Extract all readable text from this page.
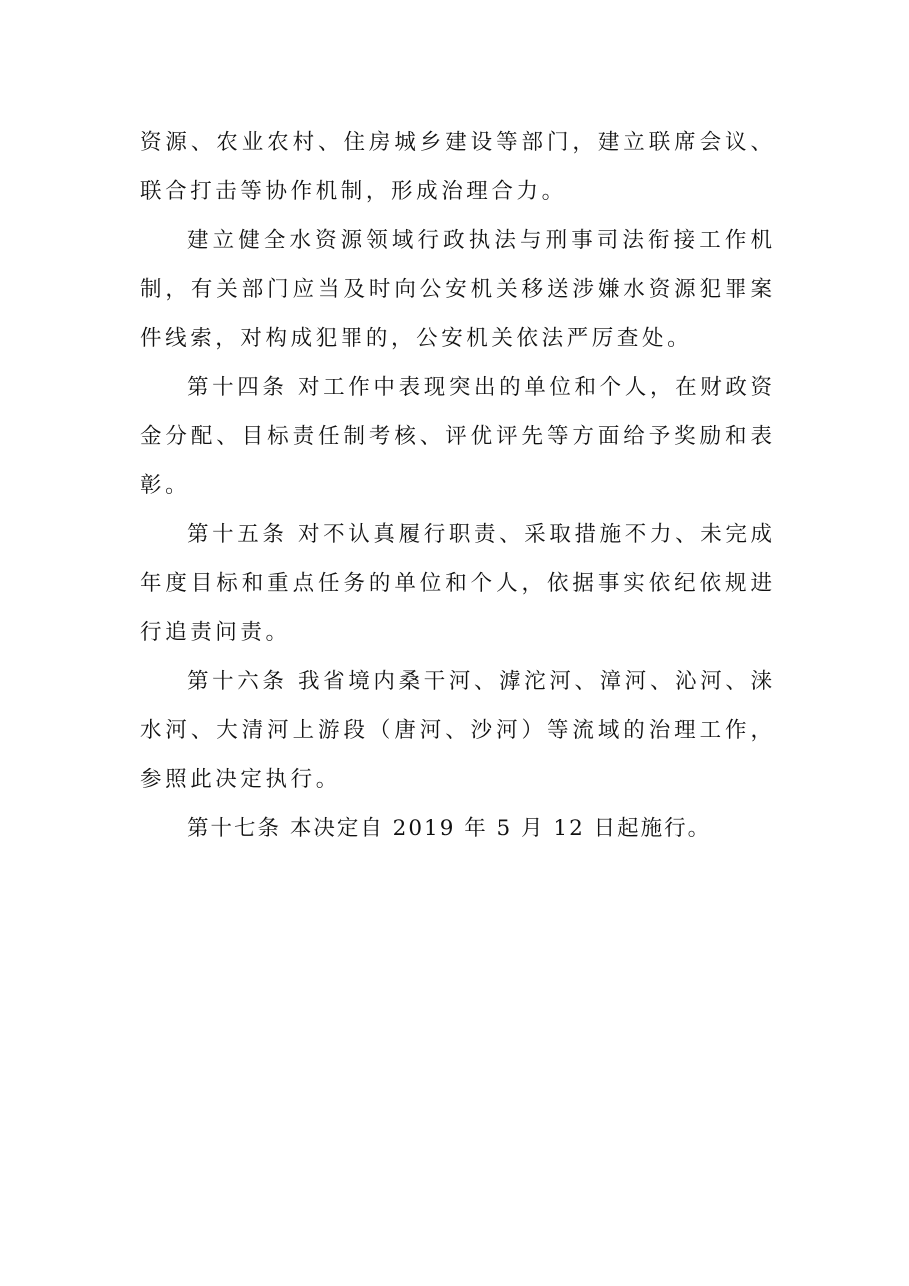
资源、农业农村、住房城乡建设等部门，建立联席会议、
联合打击等协作机制，形成治理合力。
建立健全水资源领域行政执法与刑事司法衔接工作机
制，有关部门应当及时向公安机关移送涉嫌水资源犯罪案
件线索，对构成犯罪的，公安机关依法严厉查处。
第十四条 对工作中表现突出的单位和个人，在财政资
金分配、目标责任制考核、评优评先等方面给予奖励和表
彰。
第十五条 对不认真履行职责、采取措施不力、未完成
年度目标和重点任务的单位和个人，依据事实依纪依规进
行追责问责。
第十六条 我省境内桑干河、滹沱河、漳河、沁河、涞
水河、大清河上游段（唐河、沙河）等流域的治理工作，
参照此决定执行。
第十七条 本决定自 2019 年 5 月 12 日起施行。
